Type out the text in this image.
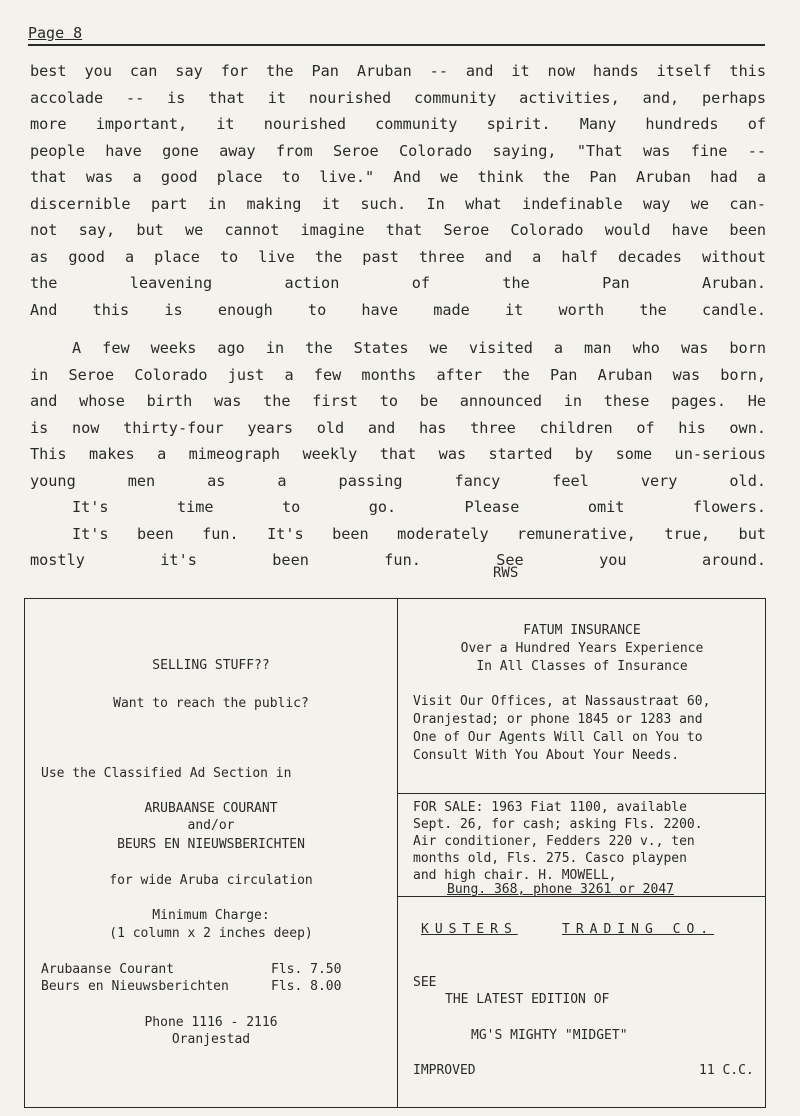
Page 8
best you can say for the Pan Aruban -- and it now hands itself this
accolade -- is that it nourished community activities, and, perhaps
more important, it nourished community spirit. Many hundreds of
people have gone away from Seroe Colorado saying, "That was fine --
that was a good place to live." And we think the Pan Aruban had a
discernible part in making it such. In what indefinable way we can-
not say, but we cannot imagine that Seroe Colorado would have been
as good a place to live the past three and a half decades without
the leavening action of the Pan Aruban.
And this is enough to have made it worth the candle.
A few weeks ago in the States we visited a man who was born
in Seroe Colorado just a few months after the Pan Aruban was born,
and whose birth was the first to be announced in these pages. He
is now thirty-four years old and has three children of his own.
This makes a mimeograph weekly that was started by some un-serious
young men as a passing fancy feel very old.
It's time to go. Please omit flowers.
It's been fun. It's been moderately remunerative, true, but
mostly it's been fun. See you around.
RWS
SELLING STUFF??
Want to reach the public?
Use the Classified Ad Section in
ARUBAANSE COURANT
and/or
BEURS EN NIEUWSBERICHTEN
for wide Aruba circulation
Minimum Charge:
(1 column x 2 inches deep)
Arubaanse Courant	Fls. 7.50
Beurs en Nieuwsberichten	Fls. 8.00
Phone 1116 - 2116
Oranjestad
FATUM INSURANCE
Over a Hundred Years Experience
In All Classes of Insurance
Visit Our Offices, at Nassaustraat 60,
Oranjestad; or phone 1845 or 1283 and
One of Our Agents Will Call on You to
Consult With You About Your Needs.
FOR SALE: 1963 Fiat 1100, available
Sept. 26, for cash; asking Fls. 2200.
Air conditioner, Fedders 220 v., ten
months old, Fls. 275. Casco playpen
and high chair. H. MOWELL,
Bung. 368, phone 3261 or 2047
KUSTERS	TRADING CO.
SEE
THE LATEST EDITION OF
MG'S MIGHTY "MIDGET"
IMPROVED	11 C.C.
